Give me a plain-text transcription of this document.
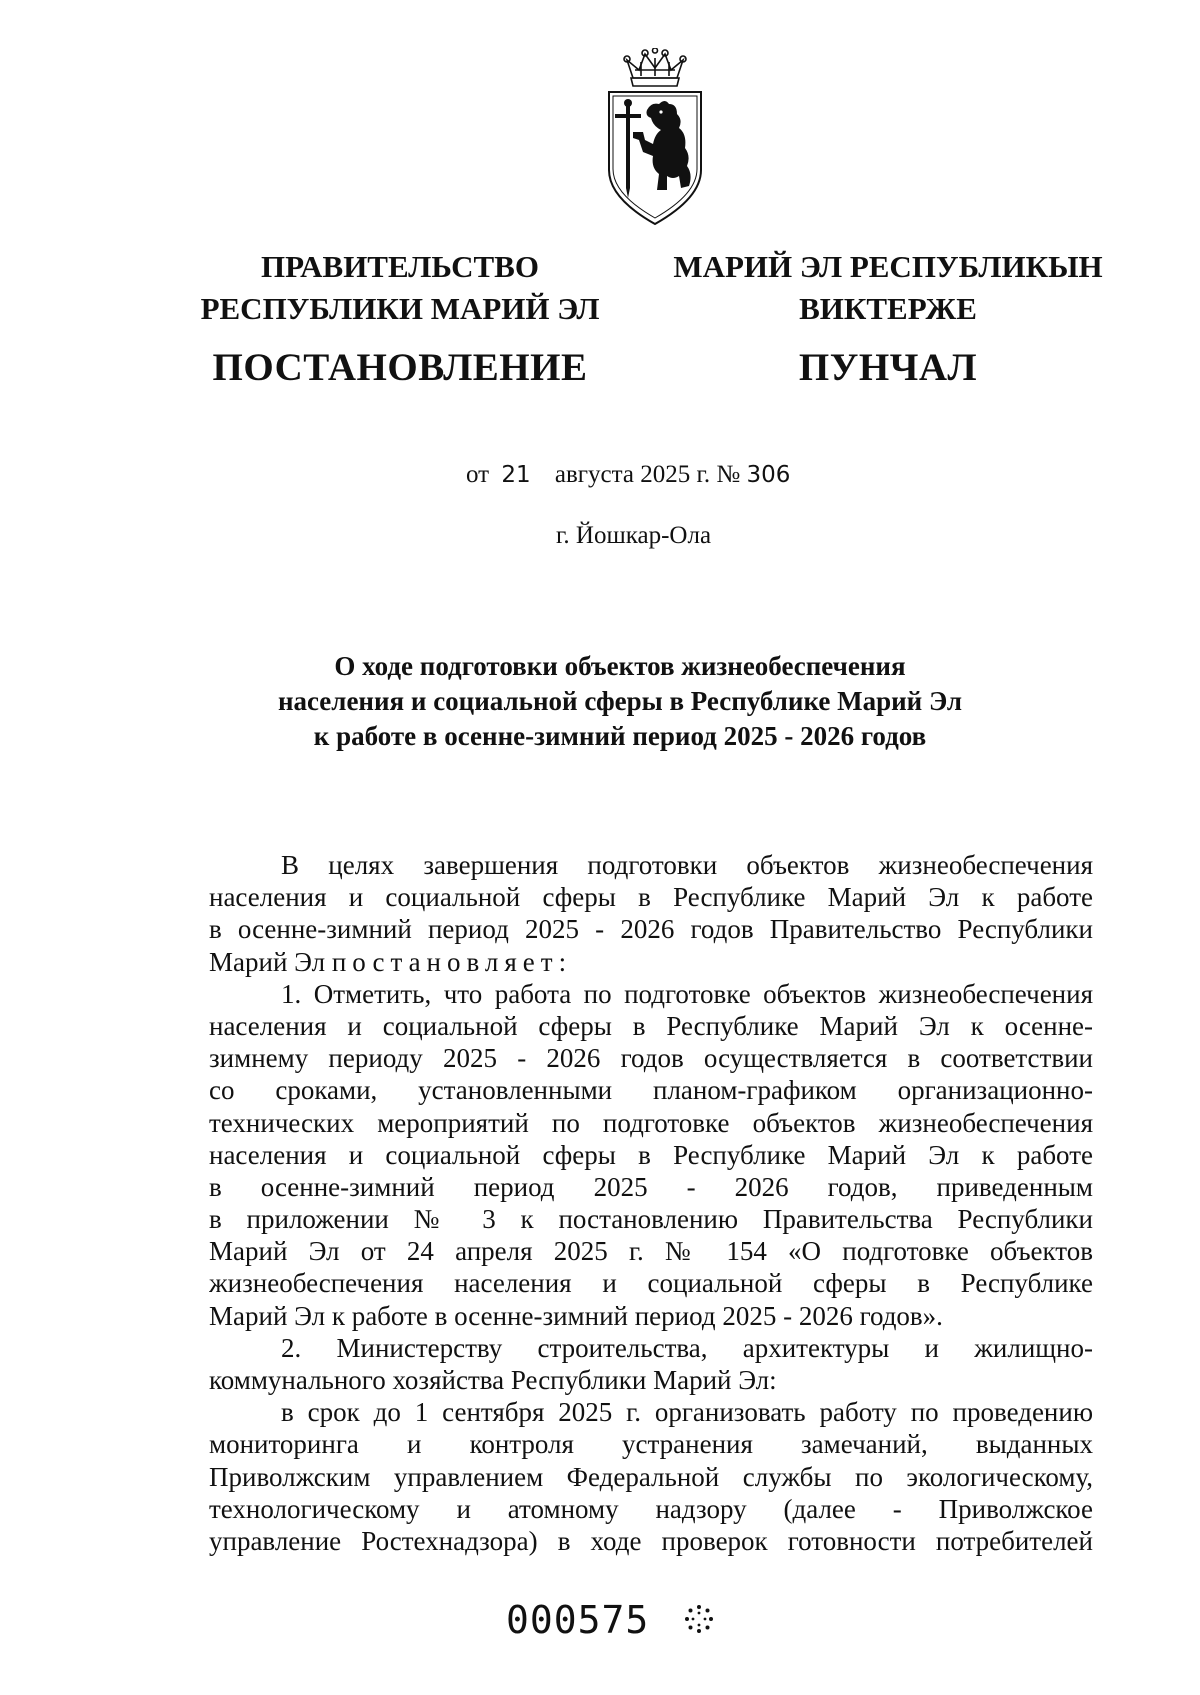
ПРАВИТЕЛЬСТВО
РЕСПУБЛИКИ МАРИЙ ЭЛ
ПОСТАНОВЛЕНИЕ
МАРИЙ ЭЛ РЕСПУБЛИКЫН
ВИКТЕРЖЕ
ПУНЧАЛ
от 21 августа 2025 г. № 306
г. Йошкар-Ола
О ходе подготовки объектов жизнеобеспечения
населения и социальной сферы в Республике Марий Эл
к работе в осенне-зимний период 2025 - 2026 годов
В целях завершения подготовки объектов жизнеобеспечения
населения и социальной сферы в Республике Марий Эл к работе
в осенне-зимний период 2025 - 2026 годов Правительство Республики
Марий Эл постановляет:
1. Отметить, что работа по подготовке объектов жизнеобеспечения
населения и социальной сферы в Республике Марий Эл к осенне-
зимнему периоду 2025 - 2026 годов осуществляется в соответствии
со сроками, установленными планом-графиком организационно-
технических мероприятий по подготовке объектов жизнеобеспечения
населения и социальной сферы в Республике Марий Эл к работе
в осенне-зимний период 2025 - 2026 годов, приведенным
в приложении № 3 к постановлению Правительства Республики
Марий Эл от 24 апреля 2025 г. № 154 «О подготовке объектов
жизнеобеспечения населения и социальной сферы в Республике
Марий Эл к работе в осенне-зимний период 2025 - 2026 годов».
2. Министерству строительства, архитектуры и жилищно-
коммунального хозяйства Республики Марий Эл:
в срок до 1 сентября 2025 г. организовать работу по проведению
мониторинга и контроля устранения замечаний, выданных
Приволжским управлением Федеральной службы по экологическому,
технологическому и атомному надзору (далее - Приволжское
управление Ростехнадзора) в ходе проверок готовности потребителей
000575
